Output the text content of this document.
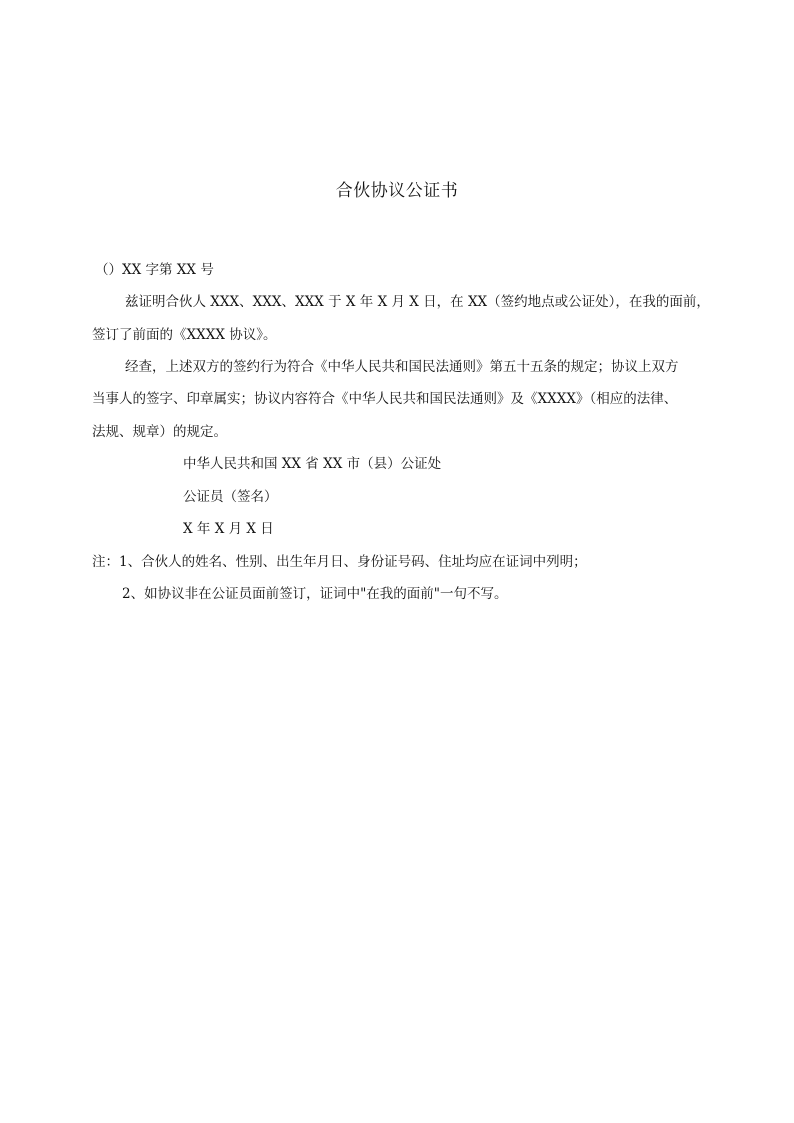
合伙协议公证书
（）XX 字第 XX 号
兹证明合伙人 XXX、XXX、XXX 于 X 年 X 月 X 日，在 XX（签约地点或公证处），在我的面前，
签订了前面的《XXXX 协议》。
经查，上述双方的签约行为符合《中华人民共和国民法通则》第五十五条的规定；协议上双方
当事人的签字、印章属实；协议内容符合《中华人民共和国民法通则》及《XXXX》（相应的法律、
法规、规章）的规定。
中华人民共和国 XX 省 XX 市（县）公证处
公证员（签名）
X 年 X 月 X 日
注：1、合伙人的姓名、性别、出生年月日、身份证号码、住址均应在证词中列明；
2、如协议非在公证员面前签订，证词中"在我的面前"一句不写。
